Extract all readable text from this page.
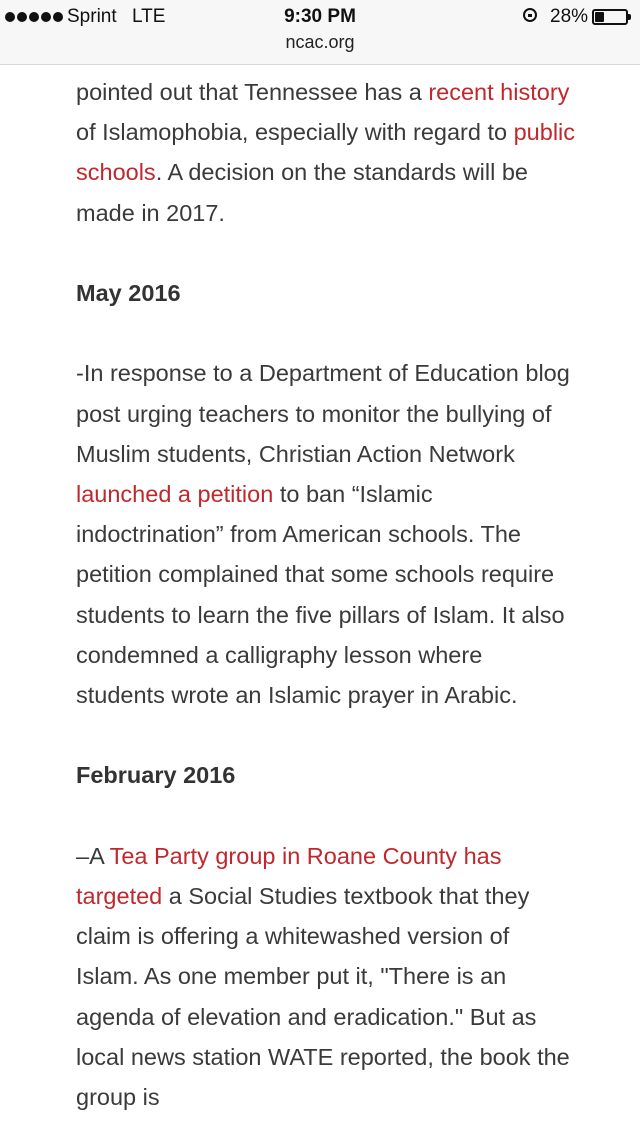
Sprint LTE	9:30 PM	28%
ncac.org

pointed out that Tennessee has a recent history of Islamophobia, especially with regard to public schools. A decision on the standards will be made in 2017.

May 2016

-In response to a Department of Education blog post urging teachers to monitor the bullying of Muslim students, Christian Action Network launched a petition to ban “Islamic indoctrination” from American schools. The petition complained that some schools require students to learn the five pillars of Islam. It also condemned a calligraphy lesson where students wrote an Islamic prayer in Arabic.

February 2016

–A Tea Party group in Roane County has targeted a Social Studies textbook that they claim is offering a whitewashed version of Islam. As one member put it, "There is an agenda of elevation and eradication." But as local news station WATE reported, the book the group is
